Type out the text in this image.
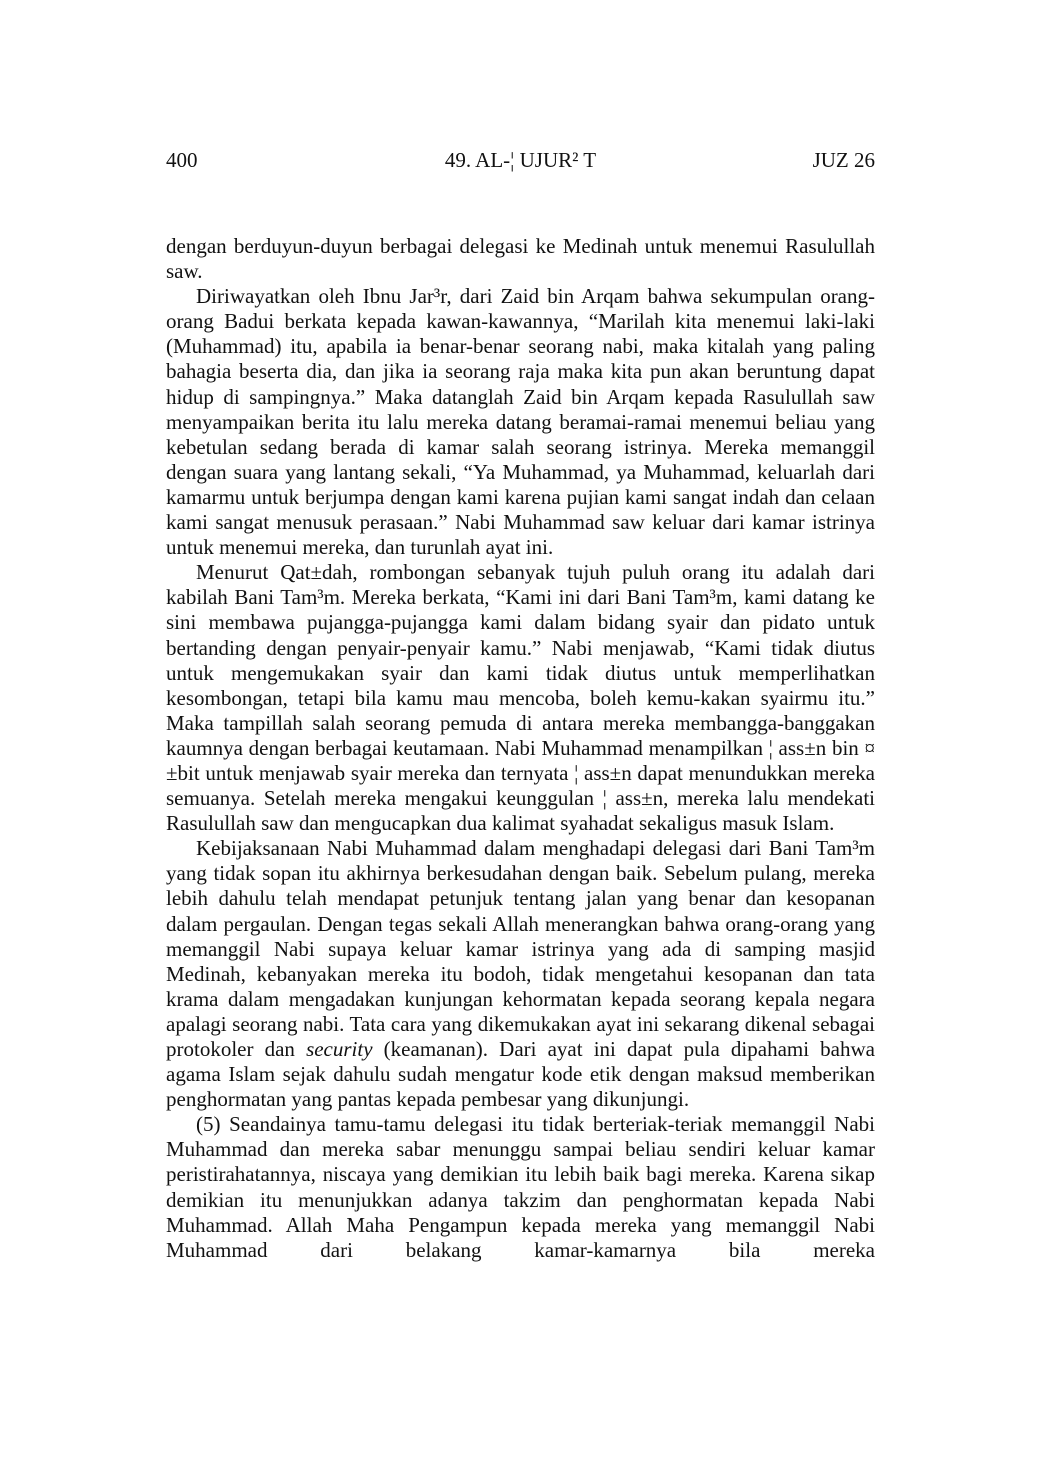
400	49. AL-¦ UJUR² T	JUZ 26

dengan berduyun-duyun berbagai delegasi ke Medinah untuk menemui Rasulullah saw.

Diriwayatkan oleh Ibnu Jar³r, dari Zaid bin Arqam bahwa sekumpulan orang-orang Badui berkata kepada kawan-kawannya, “Marilah kita menemui laki-laki (Muhammad) itu, apabila ia benar-benar seorang nabi, maka kitalah yang paling bahagia beserta dia, dan jika ia seorang raja maka kita pun akan beruntung dapat hidup di sampingnya.” Maka datanglah Zaid bin Arqam kepada Rasulullah saw menyampaikan berita itu lalu mereka datang beramai-ramai menemui beliau yang kebetulan sedang berada di kamar salah seorang istrinya. Mereka memanggil dengan suara yang lantang sekali, “Ya Muhammad, ya Muhammad, keluarlah dari kamarmu untuk berjumpa dengan kami karena pujian kami sangat indah dan celaan kami sangat menusuk perasaan.” Nabi Muhammad saw keluar dari kamar istrinya untuk menemui mereka, dan turunlah ayat ini.

Menurut Qat±dah, rombongan sebanyak tujuh puluh orang itu adalah dari kabilah Bani Tam³m. Mereka berkata, “Kami ini dari Bani Tam³m, kami datang ke sini membawa pujangga-pujangga kami dalam bidang syair dan pidato untuk bertanding dengan penyair-penyair kamu.” Nabi menjawab, “Kami tidak diutus untuk mengemukakan syair dan kami tidak diutus untuk memperlihatkan kesombongan, tetapi bila kamu mau mencoba, boleh kemu-kakan syairmu itu.” Maka tampillah salah seorang pemuda di antara mereka membangga-banggakan kaumnya dengan berbagai keutamaan. Nabi Muhammad menampilkan ¦ ass±n bin ¤±bit untuk menjawab syair mereka dan ternyata ¦ ass±n dapat menundukkan mereka semuanya. Setelah mereka mengakui keunggulan ¦ ass±n, mereka lalu mendekati Rasulullah saw dan mengucapkan dua kalimat syahadat sekaligus masuk Islam.

Kebijaksanaan Nabi Muhammad dalam menghadapi delegasi dari Bani Tam³m yang tidak sopan itu akhirnya berkesudahan dengan baik. Sebelum pulang, mereka lebih dahulu telah mendapat petunjuk tentang jalan yang benar dan kesopanan dalam pergaulan. Dengan tegas sekali Allah menerangkan bahwa orang-orang yang memanggil Nabi supaya keluar kamar istrinya yang ada di samping masjid Medinah, kebanyakan mereka itu bodoh, tidak mengetahui kesopanan dan tata krama dalam mengadakan kunjungan kehormatan kepada seorang kepala negara apalagi seorang nabi. Tata cara yang dikemukakan ayat ini sekarang dikenal sebagai protokoler dan security (keamanan). Dari ayat ini dapat pula dipahami bahwa agama Islam sejak dahulu sudah mengatur kode etik dengan maksud memberikan penghormatan yang pantas kepada pembesar yang dikunjungi.

(5) Seandainya tamu-tamu delegasi itu tidak berteriak-teriak memanggil Nabi Muhammad dan mereka sabar menunggu sampai beliau sendiri keluar kamar peristirahatannya, niscaya yang demikian itu lebih baik bagi mereka. Karena sikap demikian itu menunjukkan adanya takzim dan penghormatan kepada Nabi Muhammad. Allah Maha Pengampun kepada mereka yang memanggil Nabi Muhammad dari belakang kamar-kamarnya bila mereka
